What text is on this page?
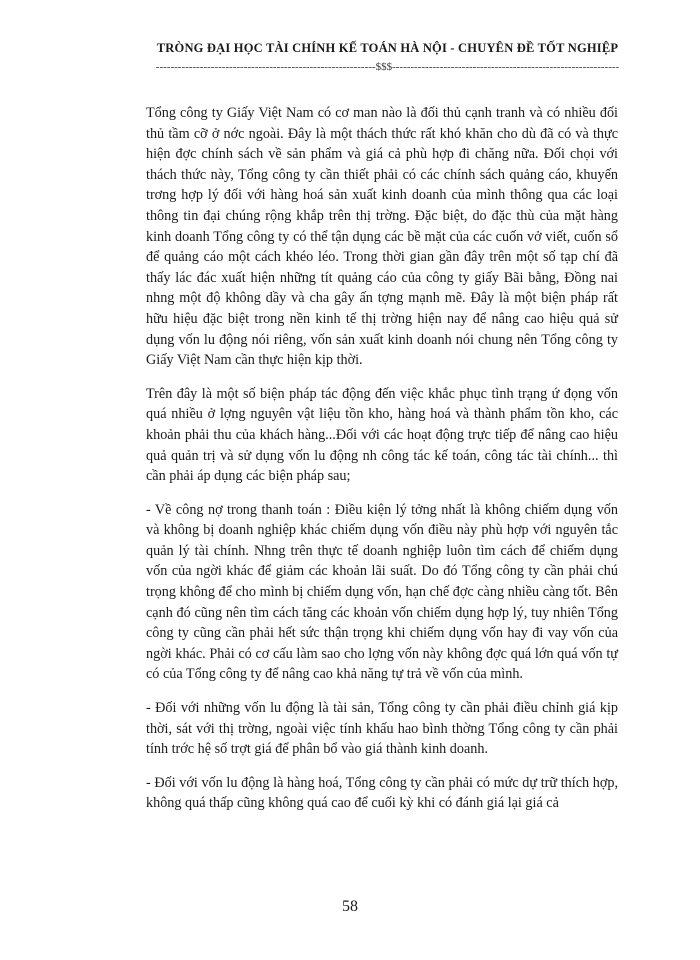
TRÒNG ĐẠI HỌC TÀI CHÍNH KẾ TOÁN HÀ NỘI - CHUYÊN ĐỀ TỐT NGHIỆP
------------------------------------------------------------$$$--------------------------------------------------------------

Tổng công ty Giấy Việt Nam có cơ man nào là đối thủ cạnh tranh và có nhiều đối thủ tầm cỡ ở nớc ngoài. Đây là một thách thức rất khó khăn cho dù đã có và thực hiện đợc chính sách về sản phẩm và giá cả phù hợp đi chăng nữa. Đối chọi với thách thức này, Tổng công ty cần thiết phải có các chính sách quảng cáo, khuyến trơng hợp lý đối với hàng hoá sản xuất kinh doanh của mình thông qua các loại thông tin đại chúng rộng khắp trên thị trờng. Đặc biệt, do đặc thù của mặt hàng kinh doanh Tổng công ty có thể tận dụng các bề mặt của các cuốn vở viết, cuốn sổ để quảng cáo một cách khéo léo. Trong thời gian gần đây trên một số tạp chí đã thấy lác đác xuất hiện những tít quảng cáo của công ty giấy Bãi bằng, Đồng nai nhng một độ không dầy và cha gây ấn tợng mạnh mẽ. Đây là một biện pháp rất hữu hiệu đặc biệt trong nền kinh tế thị trờng hiện nay để nâng cao hiệu quả sử dụng vốn lu động nói riêng, vốn sản xuất kinh doanh nói chung nên Tổng công ty Giấy Việt Nam cần thực hiện kịp thời.

Trên đây là một số biện pháp tác động đến việc khắc phục tình trạng ứ đọng vốn quá nhiều ở lợng nguyên vật liệu tồn kho, hàng hoá và thành phẩm tồn kho, các khoản phải thu của khách hàng...Đối với các hoạt động trực tiếp để nâng cao hiệu quả quản trị và sử dụng vốn lu động nh công tác kế toán, công tác tài chính... thì cần phải áp dụng các biện pháp sau;

- Về công nợ trong thanh toán : Điều kiện lý tởng nhất là không chiếm dụng vốn và không bị doanh nghiệp khác chiếm dụng vốn điều này phù hợp với nguyên tắc quản lý tài chính. Nhng trên thực tế doanh nghiệp luôn tìm cách để chiếm dụng vốn của ngời khác để giảm các khoản lãi suất. Do đó Tổng công ty cần phải chú trọng không để cho mình bị chiếm dụng vốn, hạn chế đợc càng nhiều càng tốt. Bên cạnh đó cũng nên tìm cách tăng các khoản vốn chiếm dụng hợp lý, tuy nhiên Tổng công ty cũng cần phải hết sức thận trọng khi chiếm dụng vốn hay đi vay vốn của ngời khác. Phải có cơ cấu làm sao cho lợng vốn này không đợc quá lớn quá vốn tự có của Tổng công ty để nâng cao khả năng tự trả về vốn của mình.

- Đối với những vốn lu động là tài sản, Tổng công ty cần phải điều chỉnh giá kịp thời, sát với thị trờng, ngoài việc tính khấu hao bình thờng Tổng công ty cần phải tính trớc hệ số trợt giá để phân bổ vào giá thành kinh doanh.

- Đối với vốn lu động là hàng hoá, Tổng công ty cần phải có mức dự trữ thích hợp, không quá thấp cũng không quá cao để cuối kỳ khi có đánh giá lại giá cả

58
